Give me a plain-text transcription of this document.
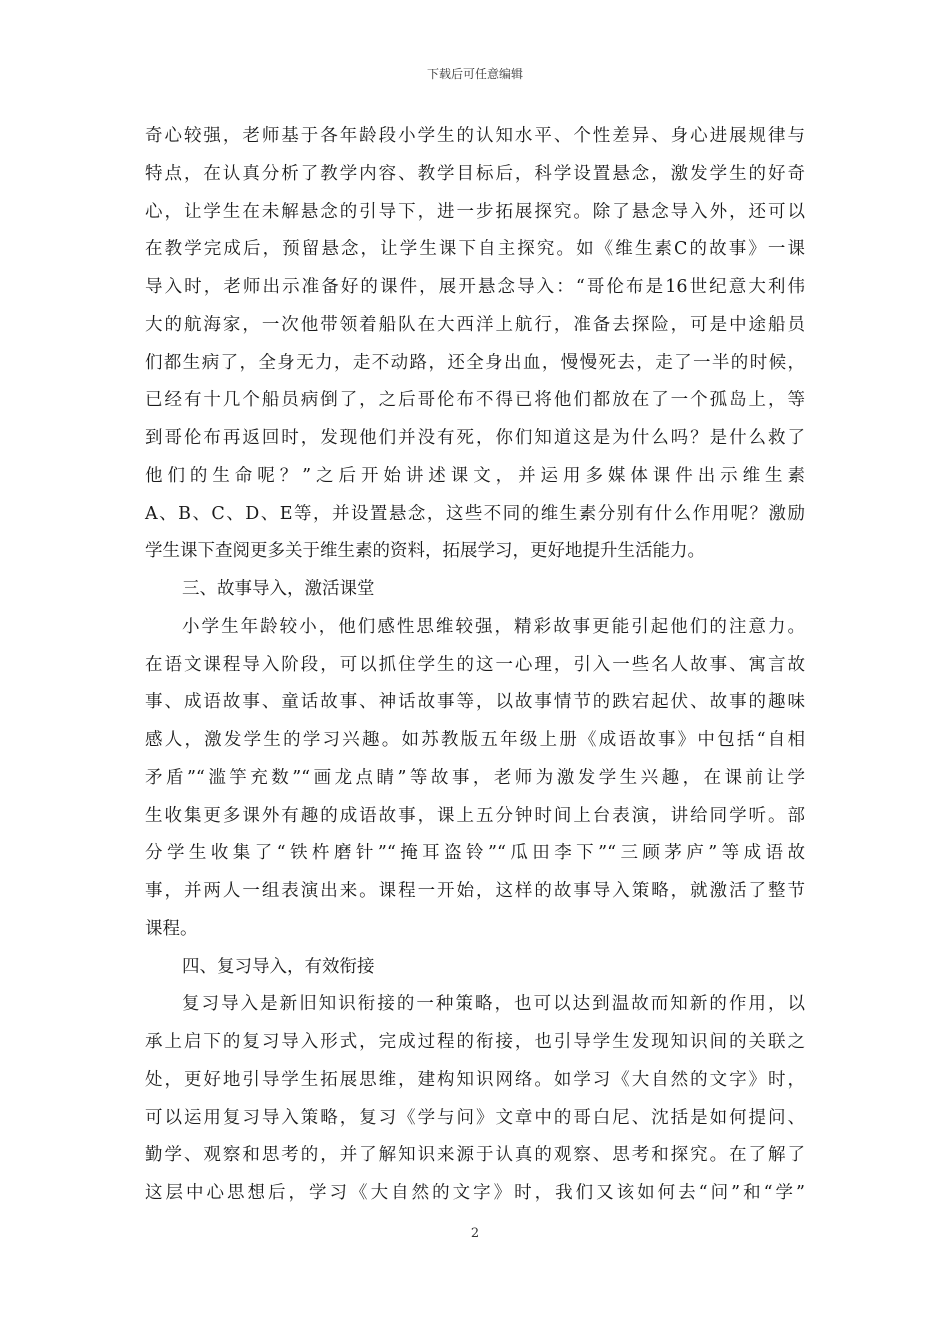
下载后可任意编辑
奇心较强，老师基于各年龄段小学生的认知水平、个性差异、身心进展规律与
特点，在认真分析了教学内容、教学目标后，科学设置悬念，激发学生的好奇
心，让学生在未解悬念的引导下，进一步拓展探究。除了悬念导入外，还可以
在教学完成后，预留悬念，让学生课下自主探究。如《维生素C的故事》一课
导入时，老师出示准备好的课件，展开悬念导入：“哥伦布是16世纪意大利伟
大的航海家，一次他带领着船队在大西洋上航行，准备去探险，可是中途船员
们都生病了，全身无力，走不动路，还全身出血，慢慢死去，走了一半的时候，
已经有十几个船员病倒了，之后哥伦布不得已将他们都放在了一个孤岛上，等
到哥伦布再返回时，发现他们并没有死，你们知道这是为什么吗？是什么救了
他们的生命呢？”之后开始讲述课文，并运用多媒体课件出示维生素
A、B、C、D、E等，并设置悬念，这些不同的维生素分别有什么作用呢？激励
学生课下查阅更多关于维生素的资料，拓展学习，更好地提升生活能力。
三、故事导入，激活课堂
小学生年龄较小，他们感性思维较强，精彩故事更能引起他们的注意力。
在语文课程导入阶段，可以抓住学生的这一心理，引入一些名人故事、寓言故
事、成语故事、童话故事、神话故事等，以故事情节的跌宕起伏、故事的趣味
感人，激发学生的学习兴趣。如苏教版五年级上册《成语故事》中包括“自相
矛盾”“滥竽充数”“画龙点睛”等故事，老师为激发学生兴趣，在课前让学
生收集更多课外有趣的成语故事，课上五分钟时间上台表演，讲给同学听。部
分学生收集了“铁杵磨针”“掩耳盗铃”“瓜田李下”“三顾茅庐”等成语故
事，并两人一组表演出来。课程一开始，这样的故事导入策略，就激活了整节
课程。
四、复习导入，有效衔接
复习导入是新旧知识衔接的一种策略，也可以达到温故而知新的作用，以
承上启下的复习导入形式，完成过程的衔接，也引导学生发现知识间的关联之
处，更好地引导学生拓展思维，建构知识网络。如学习《大自然的文字》时，
可以运用复习导入策略，复习《学与问》文章中的哥白尼、沈括是如何提问、
勤学、观察和思考的，并了解知识来源于认真的观察、思考和探究。在了解了
这层中心思想后，学习《大自然的文字》时，我们又该如何去“问”和“学”
2
